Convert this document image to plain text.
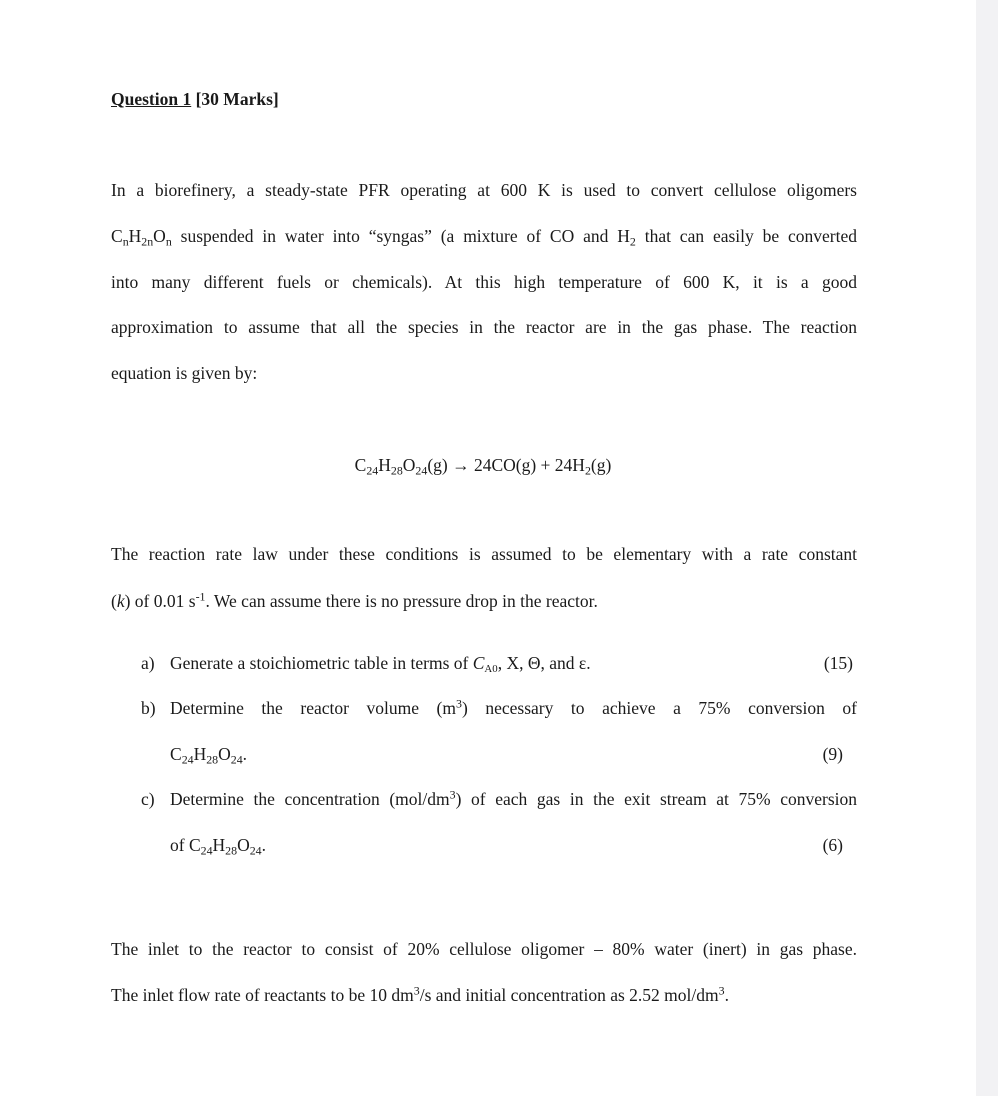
Question 1 [30 Marks]
In a biorefinery, a steady-state PFR operating at 600 K is used to convert cellulose oligomers
$C_nH_{2n}O_n$ suspended in water into “syngas” (a mixture of CO and $H_2$ that can easily be converted
into many different fuels or chemicals). At this high temperature of 600 K, it is a good
approximation to assume that all the species in the reactor are in the gas phase. The reaction
equation is given by:
$C_{24}H_{28}O_{24}(g) \to 24CO(g) + 24H_2(g)$
The reaction rate law under these conditions is assumed to be elementary with a rate constant
(k) of 0.01 $s^{-1}$. We can assume there is no pressure drop in the reactor.
a) Generate a stoichiometric table in terms of $C_{A0}$, X, Θ, and ε.	(15)
b) Determine the reactor volume $(m^3)$ necessary to achieve a 75% conversion of
$C_{24}H_{28}O_{24}$.	(9)
c) Determine the concentration $(mol/dm^3)$ of each gas in the exit stream at 75% conversion
of $C_{24}H_{28}O_{24}$.	(6)
The inlet to the reactor to consist of 20% cellulose oligomer – 80% water (inert) in gas phase.
The inlet flow rate of reactants to be 10 $dm^3/s$ and initial concentration as 2.52 mol/$dm^3$.
